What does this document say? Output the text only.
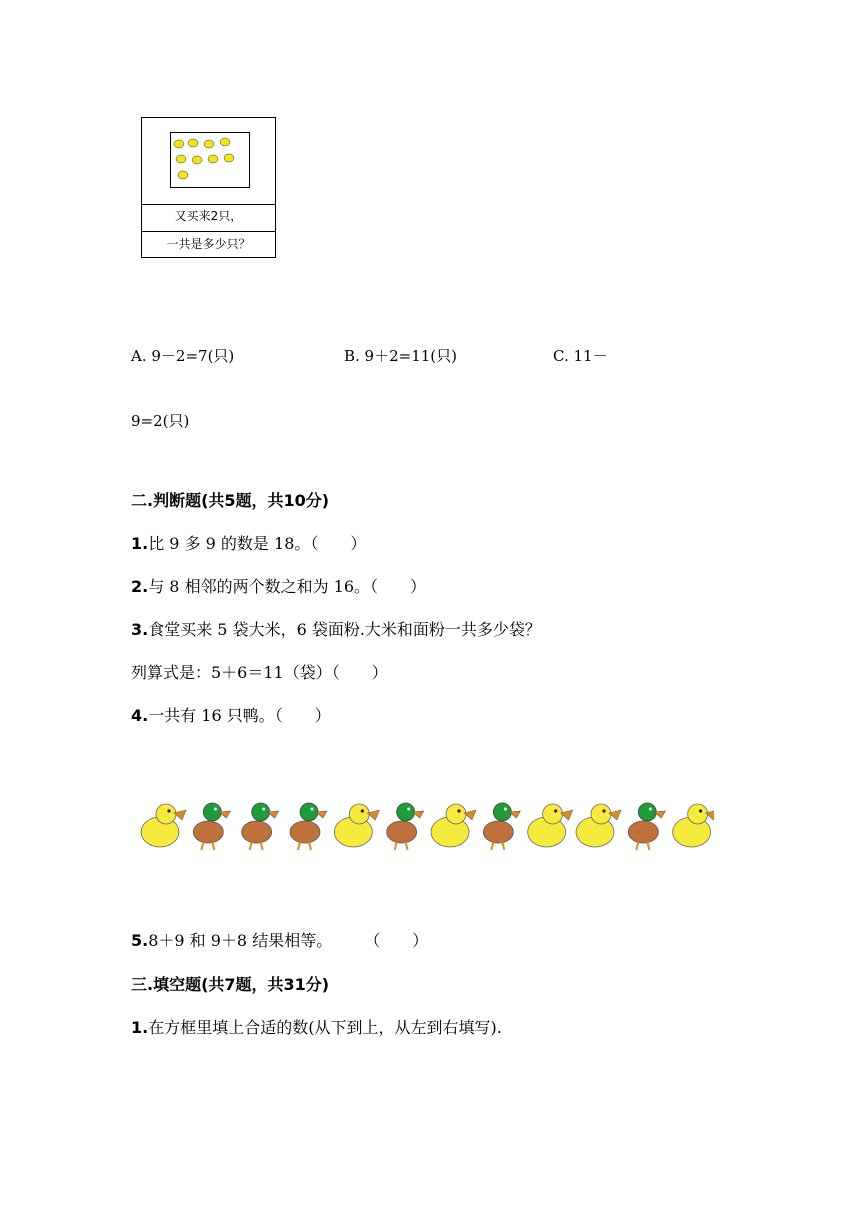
又买来2只，
一共是多少只？
A. 9－2=7(只)	B. 9＋2=11(只)	C. 11－
9=2(只)
二.判断题(共5题，共10分)
1.比 9 多 9 的数是 18。（　　）
2.与 8 相邻的两个数之和为 16。（　　）
3.食堂买来 5 袋大米，6 袋面粉.大米和面粉一共多少袋？
列算式是：5＋6＝11（袋）（　　）
4.一共有 16 只鸭。（　　）
5.8＋9 和 9＋8 结果相等。　　　（　　）
三.填空题(共7题，共31分)
1.在方框里填上合适的数(从下到上，从左到右填写).
